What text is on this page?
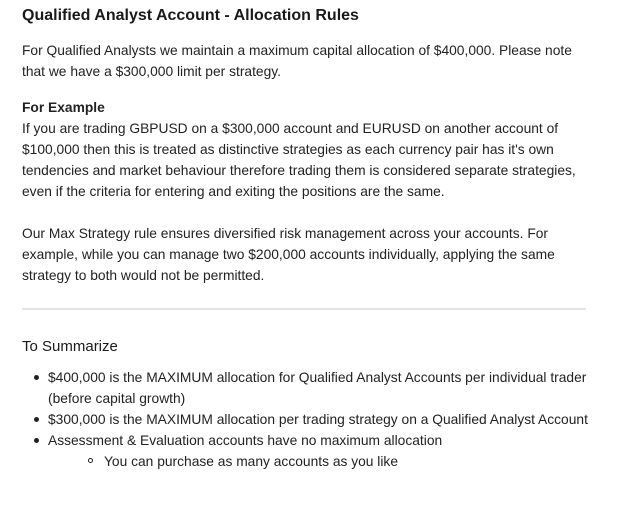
Qualified Analyst Account - Allocation Rules

For Qualified Analysts we maintain a maximum capital allocation of $400,000. Please note that we have a $300,000 limit per strategy.

For Example

If you are trading GBPUSD on a $300,000 account and EURUSD on another account of $100,000 then this is treated as distinctive strategies as each currency pair has it's own tendencies and market behaviour therefore trading them is considered separate strategies, even if the criteria for entering and exiting the positions are the same.

Our Max Strategy rule ensures diversified risk management across your accounts. For example, while you can manage two $200,000 accounts individually, applying the same strategy to both would not be permitted.

To Summarize
$400,000 is the MAXIMUM allocation for Qualified Analyst Accounts per individual trader (before capital growth)
$300,000 is the MAXIMUM allocation per trading strategy on a Qualified Analyst Account
Assessment & Evaluation accounts have no maximum allocation
You can purchase as many accounts as you like
